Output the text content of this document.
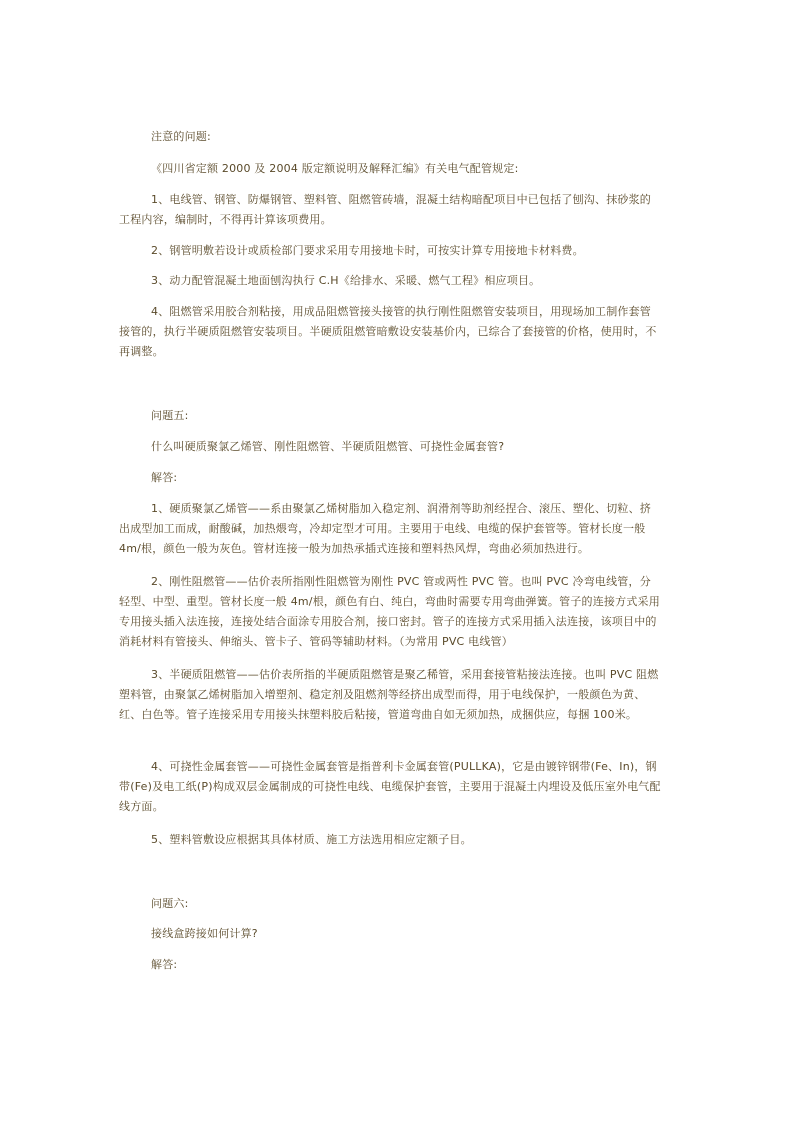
注意的问题:

《四川省定额 2000 及 2004 版定额说明及解释汇编》有关电气配管规定:

1、电线管、钢管、防爆钢管、塑料管、阻燃管砖墙，混凝土结构暗配项目中已包括了刨沟、抹砂浆的工程内容，编制时，不得再计算该项费用。

2、钢管明敷若设计或质检部门要求采用专用接地卡时，可按实计算专用接地卡材料费。

3、动力配管混凝土地面刨沟执行 C.H《给排水、采暖、燃气工程》相应项目。

4、阻燃管采用胶合剂粘接，用成品阻燃管接头接管的执行刚性阻燃管安装项目，用现场加工制作套管接管的，执行半硬质阻燃管安装项目。半硬质阻燃管暗敷设安装基价内，已综合了套接管的价格，使用时，不再调整。

问题五:

什么叫硬质聚氯乙烯管、刚性阻燃管、半硬质阻燃管、可挠性金属套管?

解答:

1、硬质聚氯乙烯管——系由聚氯乙烯树脂加入稳定剂、润滑剂等助剂经捏合、滚压、塑化、切粒、挤出成型加工而成，耐酸碱，加热煨弯，冷却定型才可用。主要用于电线、电缆的保护套管等。管材长度一般 4m/根，颜色一般为灰色。管材连接一般为加热承插式连接和塑料热风焊，弯曲必须加热进行。

2、刚性阻燃管——估价表所指刚性阻燃管为刚性 PVC 管或两性 PVC 管。也叫 PVC 冷弯电线管，分轻型、中型、重型。管材长度一般 4m/根，颜色有白、纯白，弯曲时需要专用弯曲弹簧。管子的连接方式采用专用接头插入法连接，连接处结合面涂专用胶合剂，接口密封。管子的连接方式采用插入法连接，该项目中的消耗材料有管接头、伸缩头、管卡子、管码等辅助材料。（为常用 PVC 电线管）

3、半硬质阻燃管——估价表所指的半硬质阻燃管是聚乙稀管，采用套接管粘接法连接。也叫 PVC 阻燃塑料管，由聚氯乙烯树脂加入增塑剂、稳定剂及阻燃剂等经挤出成型而得，用于电线保护，一般颜色为黄、红、白色等。管子连接采用专用接头抹塑料胶后粘接，管道弯曲自如无须加热，成捆供应，每捆 100米。

4、可挠性金属套管——可挠性金属套管是指普利卡金属套管(PULLKA)，它是由镀锌钢带(Fe、In)，钢带(Fe)及电工纸(P)构成双层金属制成的可挠性电线、电缆保护套管，主要用于混凝土内埋设及低压室外电气配线方面。

5、塑料管敷设应根据其具体材质、施工方法选用相应定额子目。

问题六:

接线盒跨接如何计算?

解答:
